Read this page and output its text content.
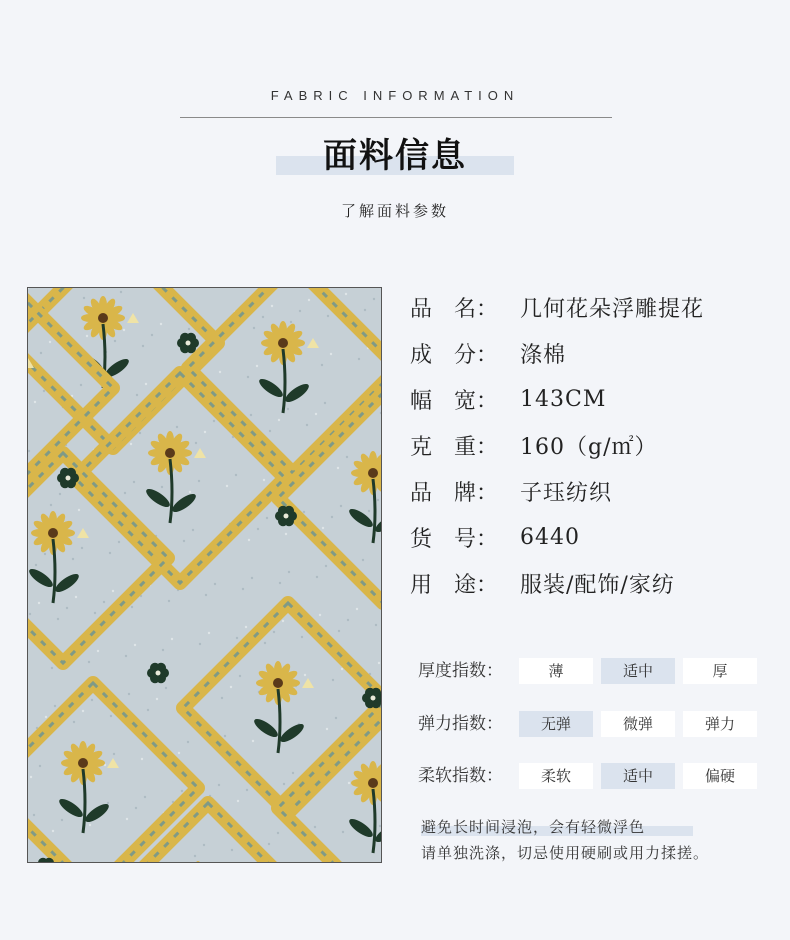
FABRIC INFORMATION
面料信息
了解面料参数
品　名： 几何花朵浮雕提花
成　分： 涤棉
幅　宽： 143CM
克　重： 160（g/㎡）
品　牌： 子珏纺织
货　号： 6440
用　途： 服装/配饰/家纺
厚度指数：	薄	适中	厚
弹力指数：	无弹	微弹	弹力
柔软指数：	柔软	适中	偏硬
避免长时间浸泡，会有轻微浮色
请单独洗涤，切忌使用硬刷或用力揉搓。
